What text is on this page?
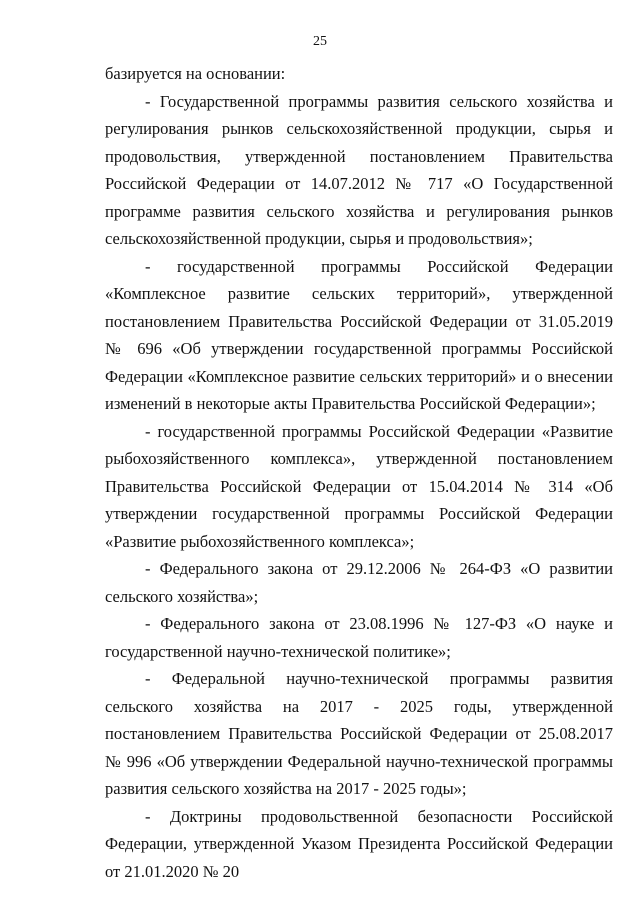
25

базируется на основании:

- Государственной программы развития сельского хозяйства и регулирования рынков сельскохозяйственной продукции, сырья и продовольствия, утвержденной постановлением Правительства Российской Федерации от 14.07.2012 № 717 «О Государственной программе развития сельского хозяйства и регулирования рынков сельскохозяйственной продукции, сырья и продовольствия»;

- государственной программы Российской Федерации «Комплексное развитие сельских территорий», утвержденной постановлением Правительства Российской Федерации от 31.05.2019 № 696 «Об утверждении государственной программы Российской Федерации «Комплексное развитие сельских территорий» и о внесении изменений в некоторые акты Правительства Российской Федерации»;

- государственной программы Российской Федерации «Развитие рыбохозяйственного комплекса», утвержденной постановлением Правительства Российской Федерации от 15.04.2014 № 314 «Об утверждении государственной программы Российской Федерации «Развитие рыбохозяйственного комплекса»;

- Федерального закона от 29.12.2006 № 264-ФЗ «О развитии сельского хозяйства»;

- Федерального закона от 23.08.1996 № 127-ФЗ «О науке и государственной научно-технической политике»;

- Федеральной научно-технической программы развития сельского хозяйства на 2017 - 2025 годы, утвержденной постановлением Правительства Российской Федерации от 25.08.2017 № 996 «Об утверждении Федеральной научно-технической программы развития сельского хозяйства на 2017 - 2025 годы»;

- Доктрины продовольственной безопасности Российской Федерации, утвержденной Указом Президента Российской Федерации от 21.01.2020 № 20
